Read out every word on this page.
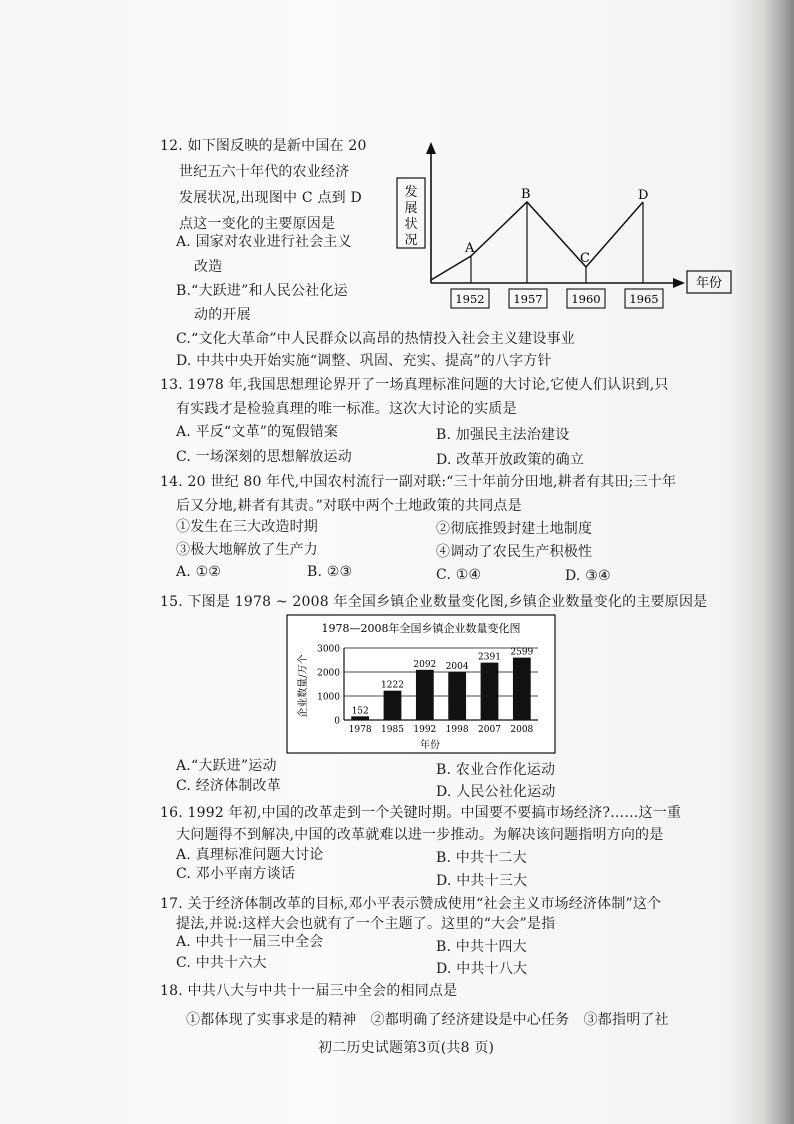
12. 如下图反映的是新中国在 20
世纪五六十年代的农业经济
发展状况,出现图中 C 点到 D
点这一变化的主要原因是
A. 国家对农业进行社会主义
改造
B.“大跃进”和人民公社化运
动的开展
C.“文化大革命”中人民群众以高昂的热情投入社会主义建设事业
D. 中共中央开始实施“调整、巩固、充实、提高”的八字方针
发
展
状
况
年份
A
B
C
D
1952 1957 1960 1965
13. 1978 年,我国思想理论界开了一场真理标准问题的大讨论,它使人们认识到,只
有实践才是检验真理的唯一标准。这次大讨论的实质是
A. 平反“文革”的冤假错案	B. 加强民主法治建设
C. 一场深刻的思想解放运动	D. 改革开放政策的确立
14. 20 世纪 80 年代,中国农村流行一副对联:“三十年前分田地,耕者有其田;三十年
后又分地,耕者有其责。”对联中两个土地政策的共同点是
①发生在三大改造时期	②彻底推毁封建土地制度
③极大地解放了生产力	④调动了农民生产积极性
A. ①②	B. ②③	C. ①④	D. ③④
15. 下图是 1978 ~ 2008 年全国乡镇企业数量变化图,乡镇企业数量变化的主要原因是
1978—2008年全国乡镇企业数量变化图
企业数量/万个
年份
0
1000
2000
3000
152
1978
1222
1985
2092
1992
2004
1998
2391
2007
2599
2008
A.“大跃进”运动	B. 农业合作化运动
C. 经济体制改革	D. 人民公社化运动
16. 1992 年初,中国的改革走到一个关键时期。中国要不要搞市场经济?……这一重
大问题得不到解决,中国的改革就难以进一步推动。为解决该问题指明方向的是
A. 真理标准问题大讨论	B. 中共十二大
C. 邓小平南方谈话	D. 中共十三大
17. 关于经济体制改革的目标,邓小平表示赞成使用“社会主义市场经济体制”这个
提法,并说:这样大会也就有了一个主题了。这里的“大会”是指
A. 中共十一届三中全会	B. 中共十四大
C. 中共十六大	D. 中共十八大
18. 中共八大与中共十一届三中全会的相同点是
①都体现了实事求是的精神　②都明确了经济建设是中心任务　③都指明了社
初二历史试题第3页(共8 页)
